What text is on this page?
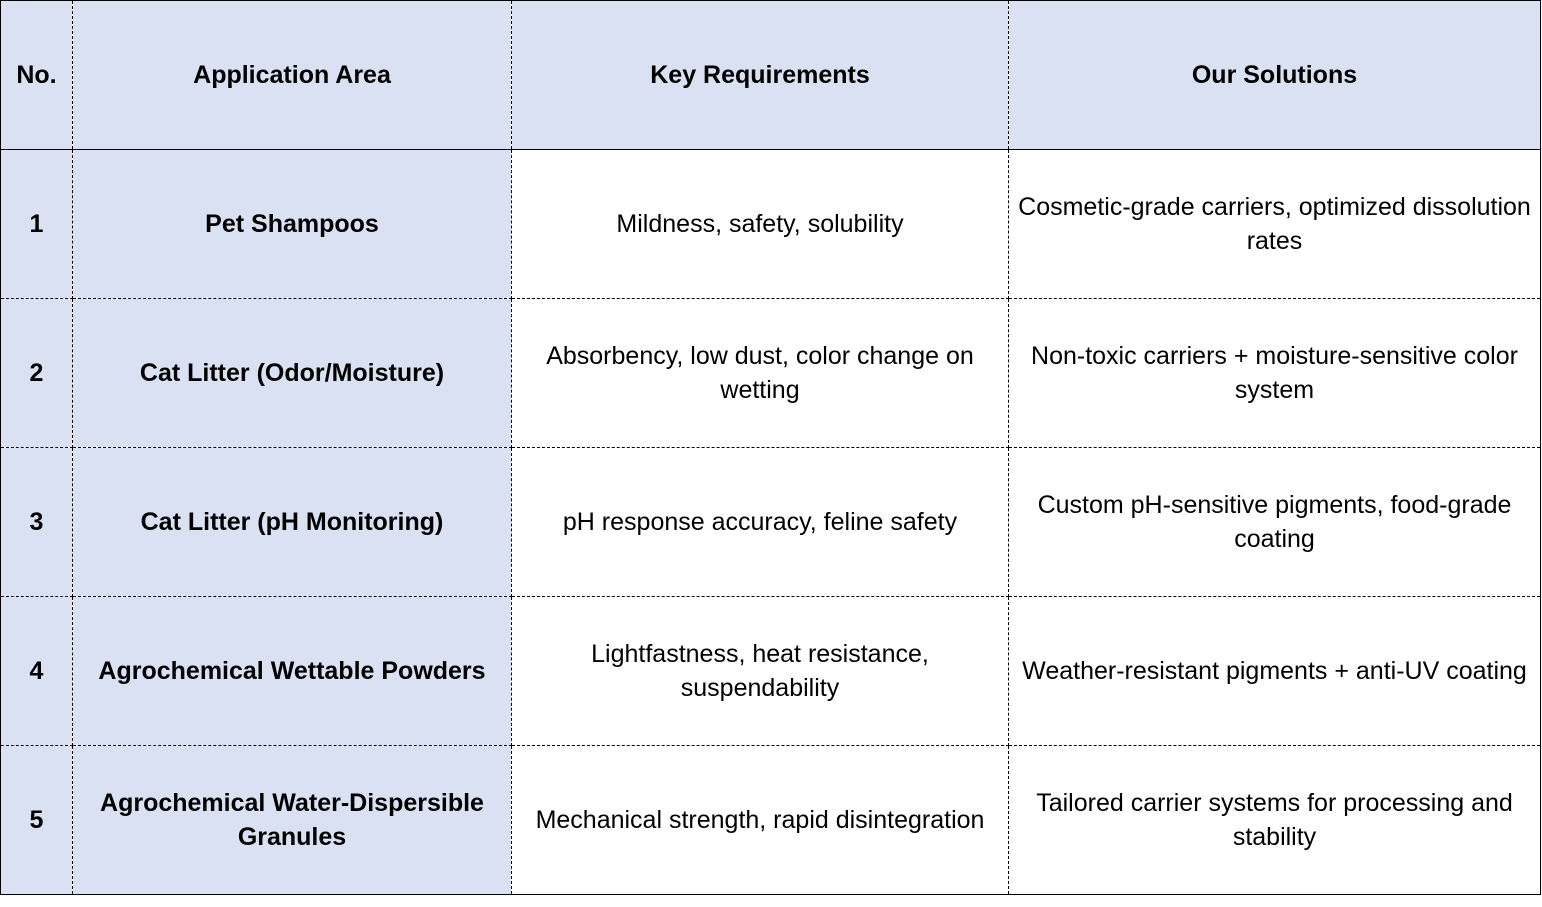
No.	Application Area	Key Requirements	Our Solutions
1	Pet Shampoos	Mildness, safety, solubility	Cosmetic-grade carriers, optimized dissolution rates
2	Cat Litter (Odor/Moisture)	Absorbency, low dust, color change on wetting	Non-toxic carriers + moisture-sensitive color system
3	Cat Litter (pH Monitoring)	pH response accuracy, feline safety	Custom pH-sensitive pigments, food-grade coating
4	Agrochemical Wettable Powders	Lightfastness, heat resistance, suspendability	Weather-resistant pigments + anti-UV coating
5	Agrochemical Water-Dispersible Granules	Mechanical strength, rapid disintegration	Tailored carrier systems for processing and stability
